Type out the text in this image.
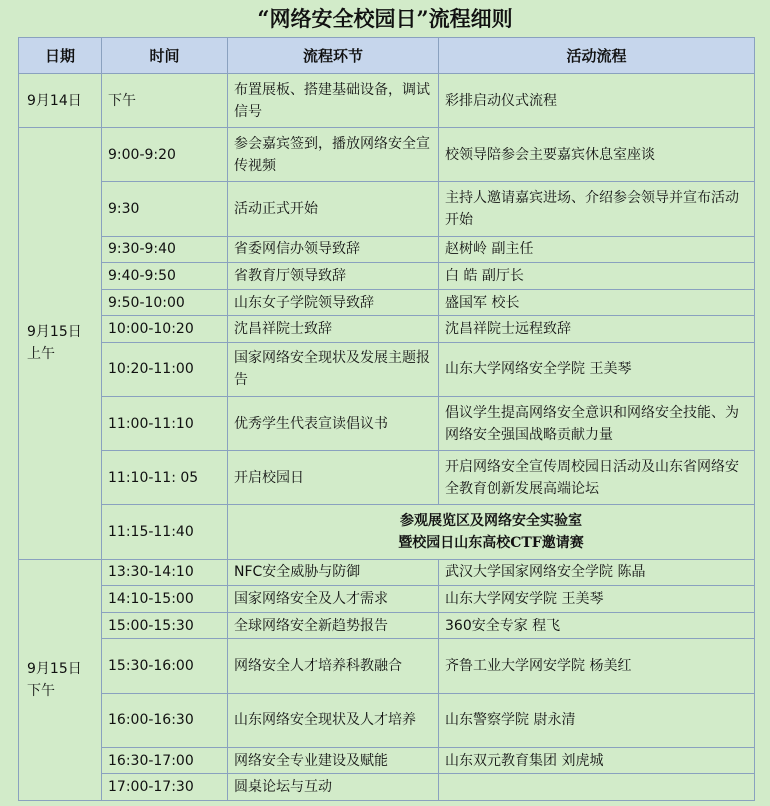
“网络安全校园日”流程细则
日期	时间	流程环节	活动流程
9月14日	下午	布置展板、搭建基础设备，调试信号	彩排启动仪式流程
9月15日上午	9:00-9:20	参会嘉宾签到，播放网络安全宣传视频	校领导陪参会主要嘉宾休息室座谈
	9:30	活动正式开始	主持人邀请嘉宾进场、介绍参会领导并宣布活动开始
	9:30-9:40	省委网信办领导致辞	赵树岭 副主任
	9:40-9:50	省教育厅领导致辞	白 皓 副厅长
	9:50-10:00	山东女子学院领导致辞	盛国军 校长
	10:00-10:20	沈昌祥院士致辞	沈昌祥院士远程致辞
	10:20-11:00	国家网络安全现状及发展主题报告	山东大学网络安全学院 王美琴
	11:00-11:10	优秀学生代表宣读倡议书	倡议学生提高网络安全意识和网络安全技能、为网络安全强国战略贡献力量
	11:10-11: 05	开启校园日	开启网络安全宣传周校园日活动及山东省网络安全教育创新发展高端论坛
	11:15-11:40	参观展览区及网络安全实验室
暨校园日山东高校CTF邀请赛	

9月15日下午	13:30-14:10	NFC安全威胁与防御	武汉大学国家网络安全学院 陈晶
	14:10-15:00	国家网络安全及人才需求	山东大学网安学院 王美琴
	15:00-15:30	全球网络安全新趋势报告	360安全专家 程飞
	15:30-16:00	网络安全人才培养科教融合	齐鲁工业大学网安学院 杨美红
	16:00-16:30	山东网络安全现状及人才培养	山东警察学院 尉永清
	16:30-17:00	网络安全专业建设及赋能	山东双元教育集团 刘虎城
	17:00-17:30	圆桌论坛与互动	
